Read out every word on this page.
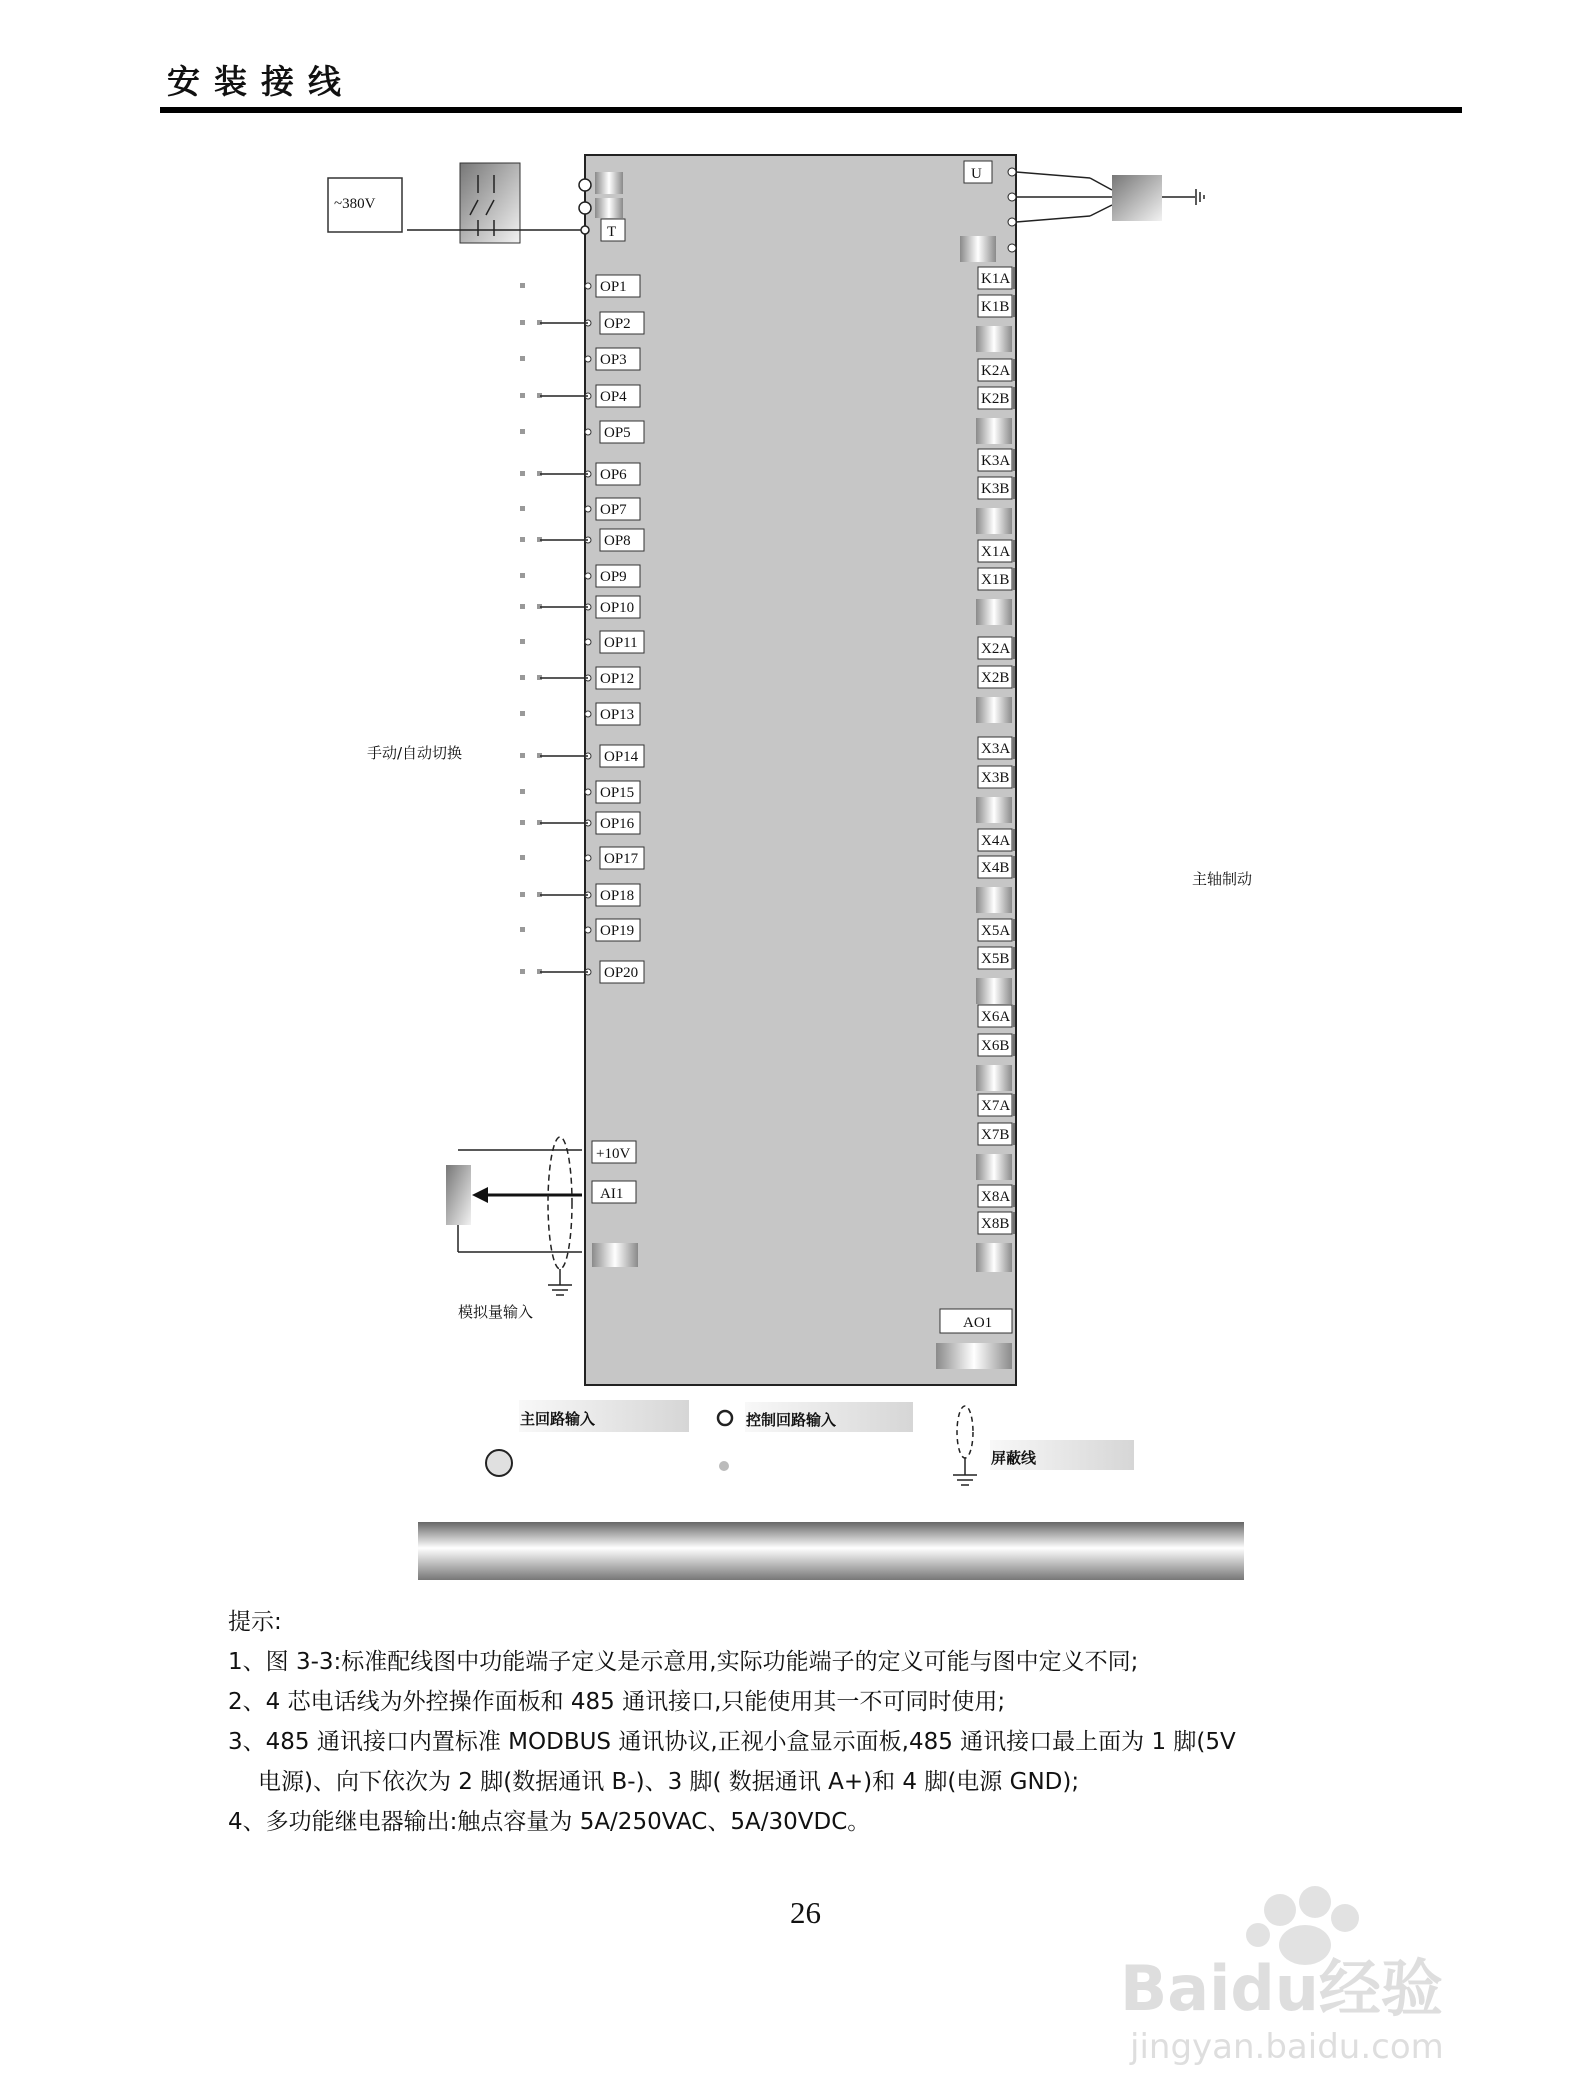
安装接线
~380V
T
U
OP1
OP2
OP3
OP4
OP5
OP6
OP7
OP8
OP9
OP10
OP11
OP12
OP13
OP14
OP15
OP16
OP17
OP18
OP19
OP20
K1A
K1B
K2A
K2B
K3A
K3B
X1A
X1B
X2A
X2B
X3A
X3B
X4A
X4B
X5A
X5B
X6A
X6B
X7A
X7B
X8A
X8B
手动/自动切换
主轴制动
+10V
AI1
模拟量输入
AO1
主回路输入	控制回路输入
屏蔽线
提示:
1、图 3-3:标准配线图中功能端子定义是示意用,实际功能端子的定义可能与图中定义不同;
2、4 芯电话线为外控操作面板和 485 通讯接口,只能使用其一不可同时使用;
3、485 通讯接口内置标准 MODBUS 通讯协议,正视小盒显示面板,485 通讯接口最上面为 1 脚(5V
电源)、向下依次为 2 脚(数据通讯 B-)、3 脚( 数据通讯 A+)和 4 脚(电源 GND);
4、多功能继电器输出:触点容量为 5A/250VAC、5A/30VDC。
26
Baidu经验
jingyan.baidu.com
